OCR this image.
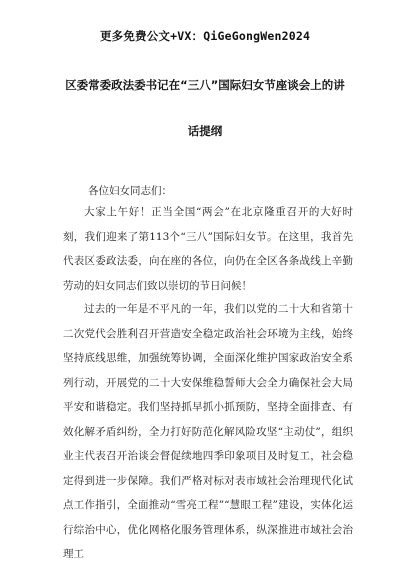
更多免费公文+VX：QiGeGongWen2024
区委常委政法委书记在“三八”国际妇女节座谈会上的讲
话提纲
各位妇女同志们：

大家上午好！正当全国“两会”在北京隆重召开的大好时刻，我们迎来了第113个“三八”国际妇女节。在这里，我首先代表区委政法委，向在座的各位，向仍在全区各条战线上辛勤劳动的妇女同志们致以崇切的节日问候！

过去的一年是不平凡的一年，我们以党的二十大和省第十二次党代会胜利召开营造安全稳定政治社会环境为主线，始终坚持底线思维，加强统筹协调，全面深化维护国家政治安全系列行动，开展党的二十大安保维稳誓师大会全力确保社会大局平安和谐稳定。我们坚持抓早抓小抓预防，坚持全面排查、有效化解矛盾纠纷，全力打好防范化解风险攻坚“主动仗”，组织业主代表召开治谈会督促续地四季印象项目及时复工，社会稳定得到进一步保障。我们严格对标对表市域社会治理现代化试点工作指引，全面推动“雪亮工程”“慧眼工程”建设，实体化运行综治中心，优化网格化服务管理体系，纵深推进市域社会治理工
